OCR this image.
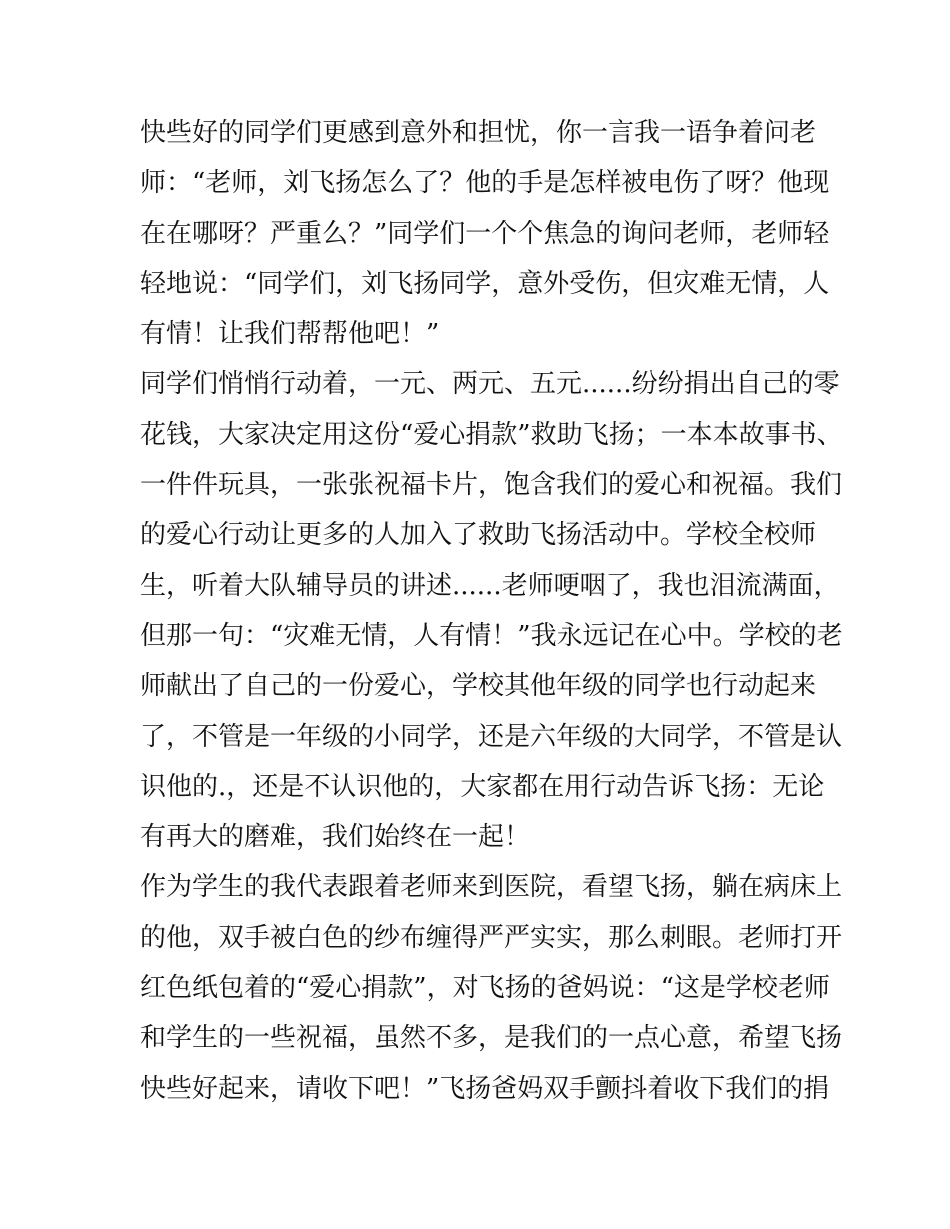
快些好的同学们更感到意外和担忧，你一言我一语争着问老
师：“老师，刘飞扬怎么了？他的手是怎样被电伤了呀？他现
在在哪呀？严重么？”同学们一个个焦急的询问老师，老师轻
轻地说：“同学们，刘飞扬同学，意外受伤，但灾难无情，人
有情！让我们帮帮他吧！”
同学们悄悄行动着，一元、两元、五元......纷纷捐出自己的零
花钱，大家决定用这份“爱心捐款”救助飞扬；一本本故事书、
一件件玩具，一张张祝福卡片，饱含我们的爱心和祝福。我们
的爱心行动让更多的人加入了救助飞扬活动中。学校全校师
生，听着大队辅导员的讲述......老师哽咽了，我也泪流满面，
但那一句：“灾难无情，人有情！”我永远记在心中。学校的老
师献出了自己的一份爱心，学校其他年级的同学也行动起来
了，不管是一年级的小同学，还是六年级的大同学，不管是认
识他的.，还是不认识他的，大家都在用行动告诉飞扬：无论
有再大的磨难，我们始终在一起！
作为学生的我代表跟着老师来到医院，看望飞扬，躺在病床上
的他，双手被白色的纱布缠得严严实实，那么刺眼。老师打开
红色纸包着的“爱心捐款”，对飞扬的爸妈说：“这是学校老师
和学生的一些祝福，虽然不多，是我们的一点心意，希望飞扬
快些好起来，请收下吧！”飞扬爸妈双手颤抖着收下我们的捐
